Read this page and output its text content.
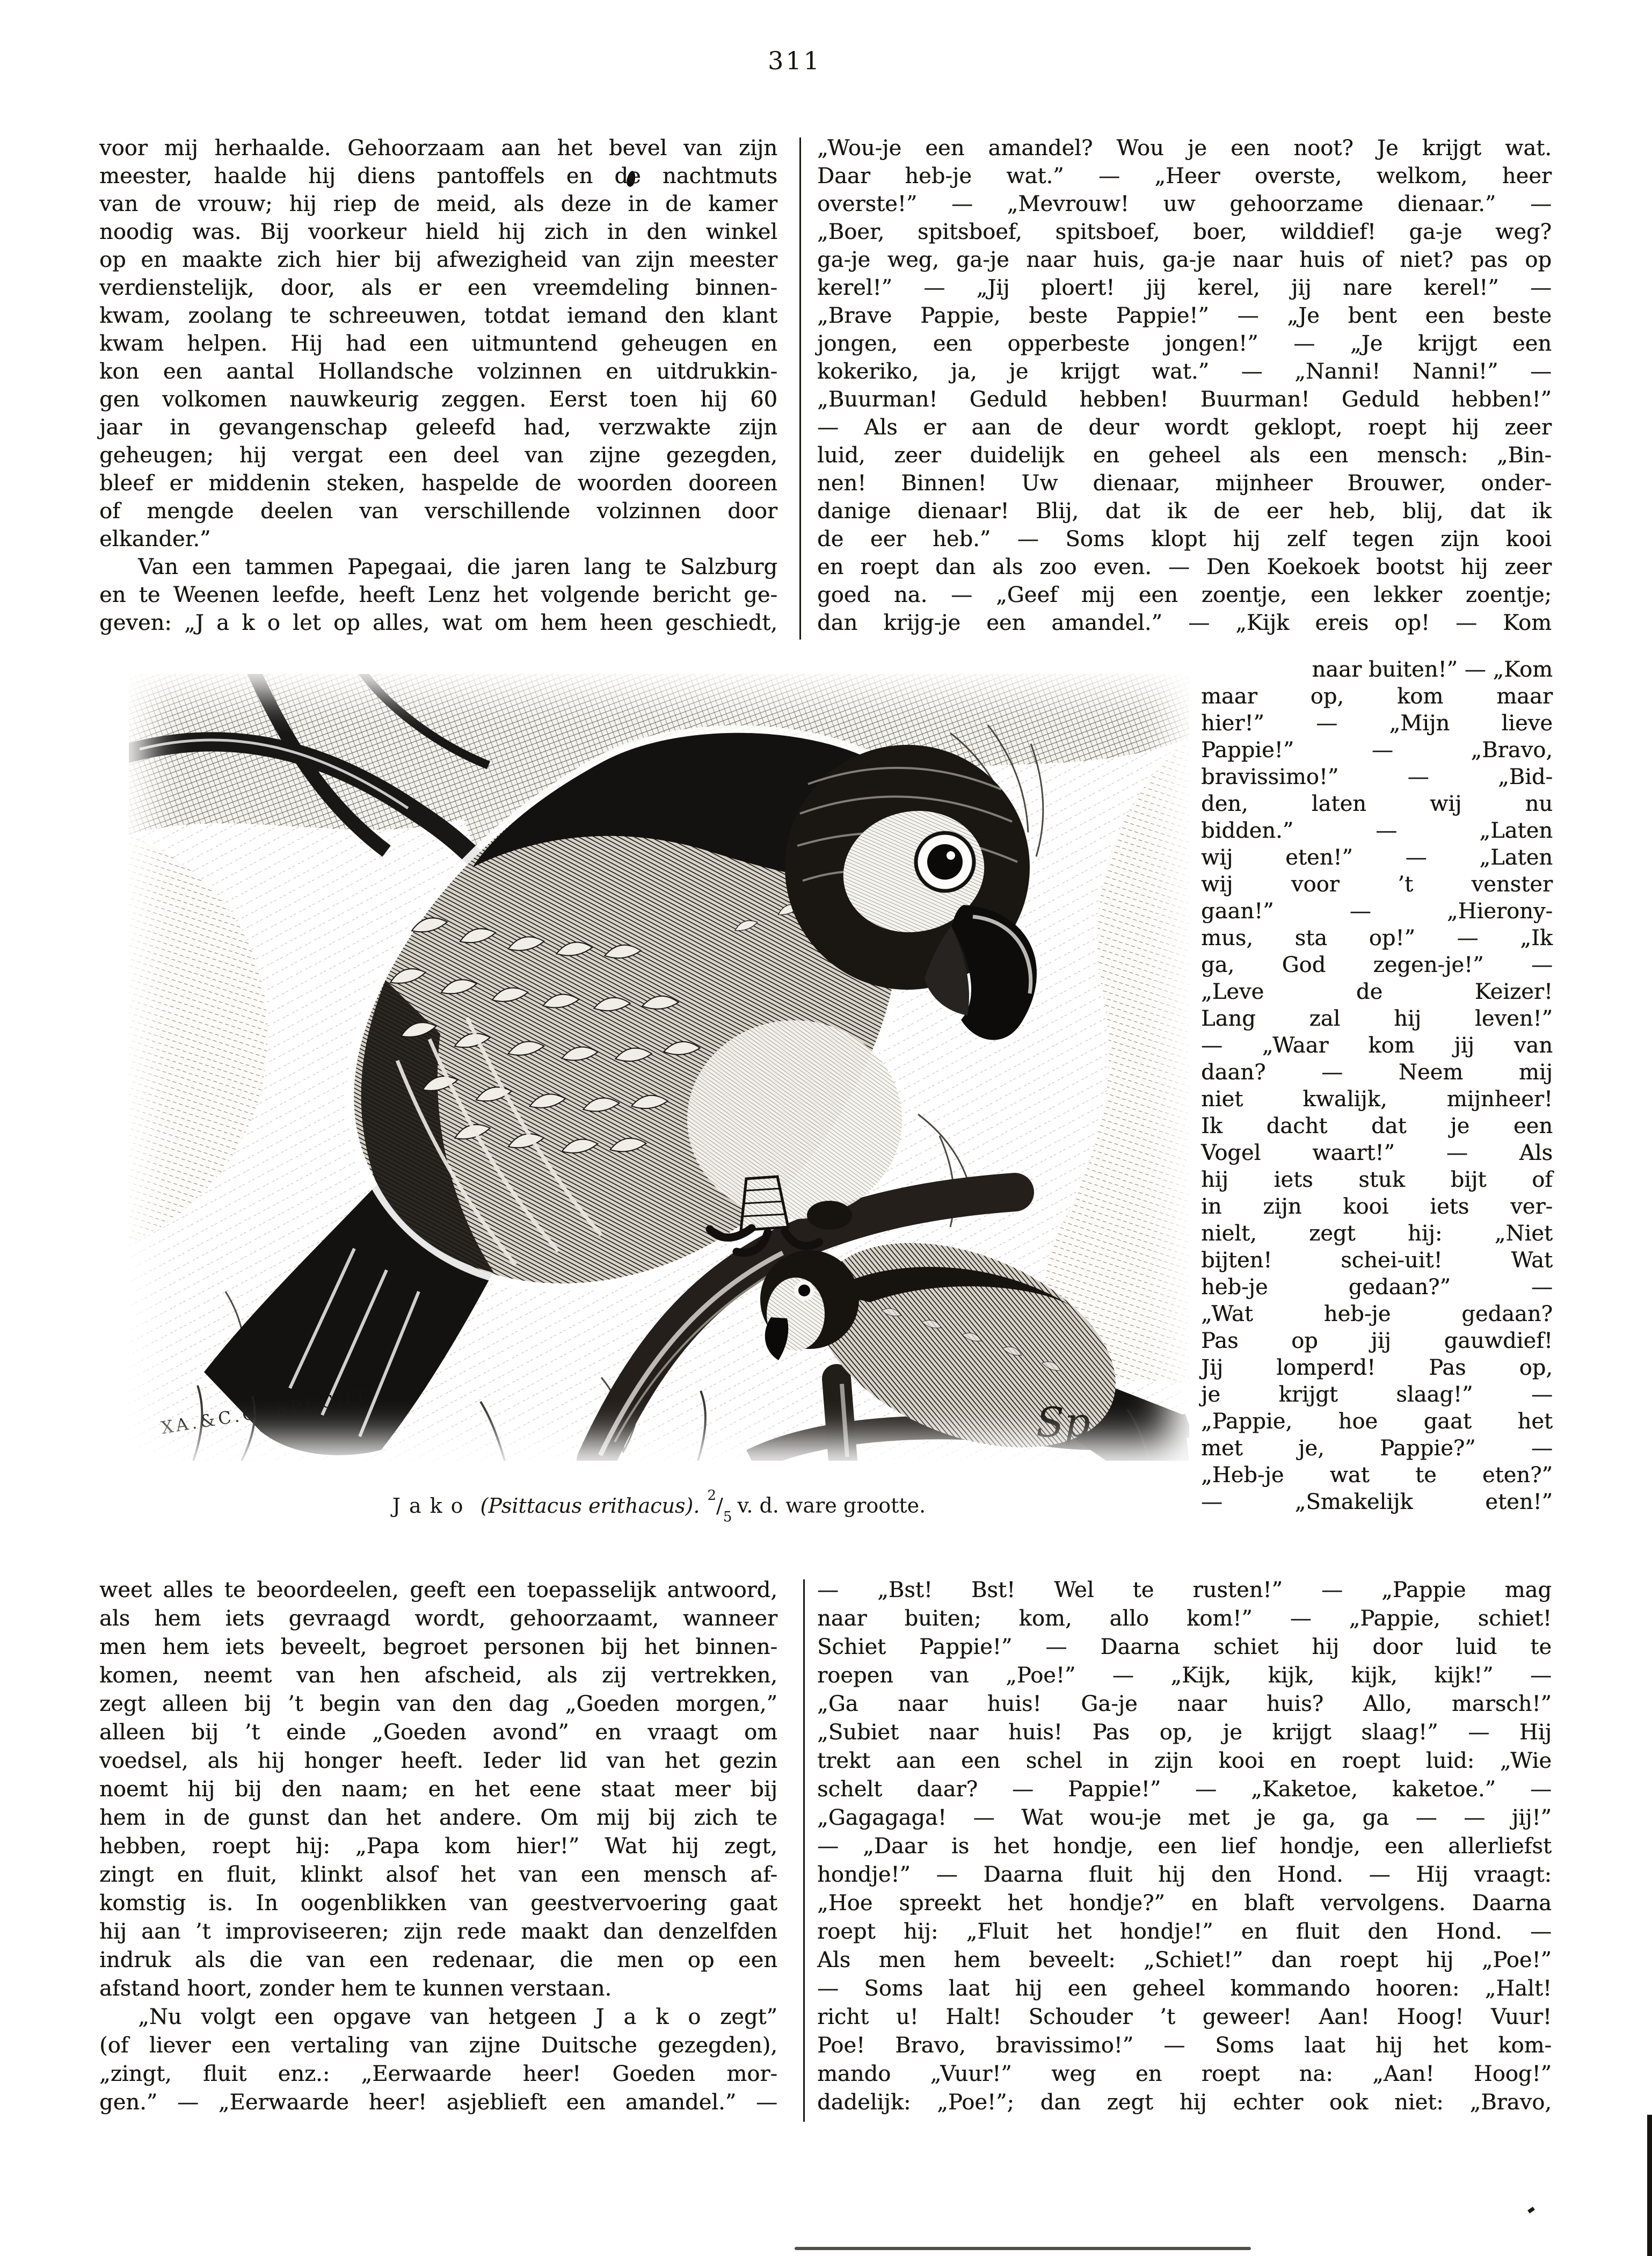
311
voor mij herhaalde. Gehoorzaam aan het bevel van zijn
meester, haalde hij diens pantoffels en de nachtmuts
van de vrouw; hij riep de meid, als deze in de kamer
noodig was. Bij voorkeur hield hij zich in den winkel
op en maakte zich hier bij afwezigheid van zijn meester
verdienstelijk, door, als er een vreemdeling binnen-
kwam, zoolang te schreeuwen, totdat iemand den klant
kwam helpen. Hij had een uitmuntend geheugen en
kon een aantal Hollandsche volzinnen en uitdrukkin-
gen volkomen nauwkeurig zeggen. Eerst toen hij 60
jaar in gevangenschap geleefd had, verzwakte zijn
geheugen; hij vergat een deel van zijne gezegden,
bleef er middenin steken, haspelde de woorden dooreen
of mengde deelen van verschillende volzinnen door
elkander.”
Van een tammen Papegaai, die jaren lang te Salzburg
en te Weenen leefde, heeft Lenz het volgende bericht ge-
geven: „J a k o let op alles, wat om hem heen geschiedt,
„Wou-je een amandel? Wou je een noot? Je krijgt wat.
Daar heb-je wat.” — „Heer overste, welkom, heer
overste!” — „Mevrouw! uw gehoorzame dienaar.” —
„Boer, spitsboef, spitsboef, boer, wilddief! ga-je weg?
ga-je weg, ga-je naar huis, ga-je naar huis of niet? pas op
kerel!” — „Jij ploert! jij kerel, jij nare kerel!” —
„Brave Pappie, beste Pappie!” — „Je bent een beste
jongen, een opperbeste jongen!” — „Je krijgt een
kokeriko, ja, je krijgt wat.” — „Nanni! Nanni!” —
„Buurman! Geduld hebben! Buurman! Geduld hebben!”
— Als er aan de deur wordt geklopt, roept hij zeer
luid, zeer duidelijk en geheel als een mensch: „Bin-
nen! Binnen! Uw dienaar, mijnheer Brouwer, onder-
danige dienaar! Blij, dat ik de eer heb, blij, dat ik
de eer heb.” — Soms klopt hij zelf tegen zijn kooi
en roept dan als zoo even. — Den Koekoek bootst hij zeer
goed na. — „Geef mij een zoentje, een lekker zoentje;
dan krijg-je een amandel.” — „Kijk ereis op! — Kom
XA.&C.G. SPECHT	Sp
naar buiten!” — „Kom
maar op, kom maar
hier!” — „Mijn lieve
Pappie!” — „Bravo,
bravissimo!” — „Bid-
den, laten wij nu
bidden.” — „Laten
wij eten!” — „Laten
wij voor ’t venster
gaan!” — „Hierony-
mus, sta op!” — „Ik
ga, God zegen-je!” —
„Leve de Keizer!
Lang zal hij leven!”
— „Waar kom jij van
daan? — Neem mij
niet kwalijk, mijnheer!
Ik dacht dat je een
Vogel waart!” — Als
hij iets stuk bijt of
in zijn kooi iets ver-
nielt, zegt hij: „Niet
bijten! schei-uit! Wat
heb-je gedaan?” —
„Wat heb-je gedaan?
Pas op jij gauwdief!
Jij lomperd! Pas op,
je krijgt slaag!” —
„Pappie, hoe gaat het
met je, Pappie?” —
„Heb-je wat te eten?”
— „Smakelijk eten!”
Jako (Psittacus erithacus). $^2/_5$ v. d. ware grootte.
weet alles te beoordeelen, geeft een toepasselijk antwoord,
als hem iets gevraagd wordt, gehoorzaamt, wanneer
men hem iets beveelt, begroet personen bij het binnen-
komen, neemt van hen afscheid, als zij vertrekken,
zegt alleen bij ’t begin van den dag „Goeden morgen,”
alleen bij ’t einde „Goeden avond” en vraagt om
voedsel, als hij honger heeft. Ieder lid van het gezin
noemt hij bij den naam; en het eene staat meer bij
hem in de gunst dan het andere. Om mij bij zich te
hebben, roept hij: „Papa kom hier!” Wat hij zegt,
zingt en fluit, klinkt alsof het van een mensch af-
komstig is. In oogenblikken van geestvervoering gaat
hij aan ’t improviseeren; zijn rede maakt dan denzelfden
indruk als die van een redenaar, die men op een
afstand hoort, zonder hem te kunnen verstaan.
„Nu volgt een opgave van hetgeen J a k o zegt”
(of liever een vertaling van zijne Duitsche gezegden),
„zingt, fluit enz.: „Eerwaarde heer! Goeden mor-
gen.” — „Eerwaarde heer! asjeblieft een amandel.” —
— „Bst! Bst! Wel te rusten!” — „Pappie mag
naar buiten; kom, allo kom!” — „Pappie, schiet!
Schiet Pappie!” — Daarna schiet hij door luid te
roepen van „Poe!” — „Kijk, kijk, kijk, kijk!” —
„Ga naar huis! Ga-je naar huis? Allo, marsch!”
„Subiet naar huis! Pas op, je krijgt slaag!” — Hij
trekt aan een schel in zijn kooi en roept luid: „Wie
schelt daar? — Pappie!” — „Kaketoe, kaketoe.” —
„Gagagaga! — Wat wou-je met je ga, ga — — jij!”
— „Daar is het hondje, een lief hondje, een allerliefst
hondje!” — Daarna fluit hij den Hond. — Hij vraagt:
„Hoe spreekt het hondje?” en blaft vervolgens. Daarna
roept hij: „Fluit het hondje!” en fluit den Hond. —
Als men hem beveelt: „Schiet!” dan roept hij „Poe!”
— Soms laat hij een geheel kommando hooren: „Halt!
richt u! Halt! Schouder ’t geweer! Aan! Hoog! Vuur!
Poe! Bravo, bravissimo!” — Soms laat hij het kom-
mando „Vuur!” weg en roept na: „Aan! Hoog!”
dadelijk: „Poe!”; dan zegt hij echter ook niet: „Bravo,
